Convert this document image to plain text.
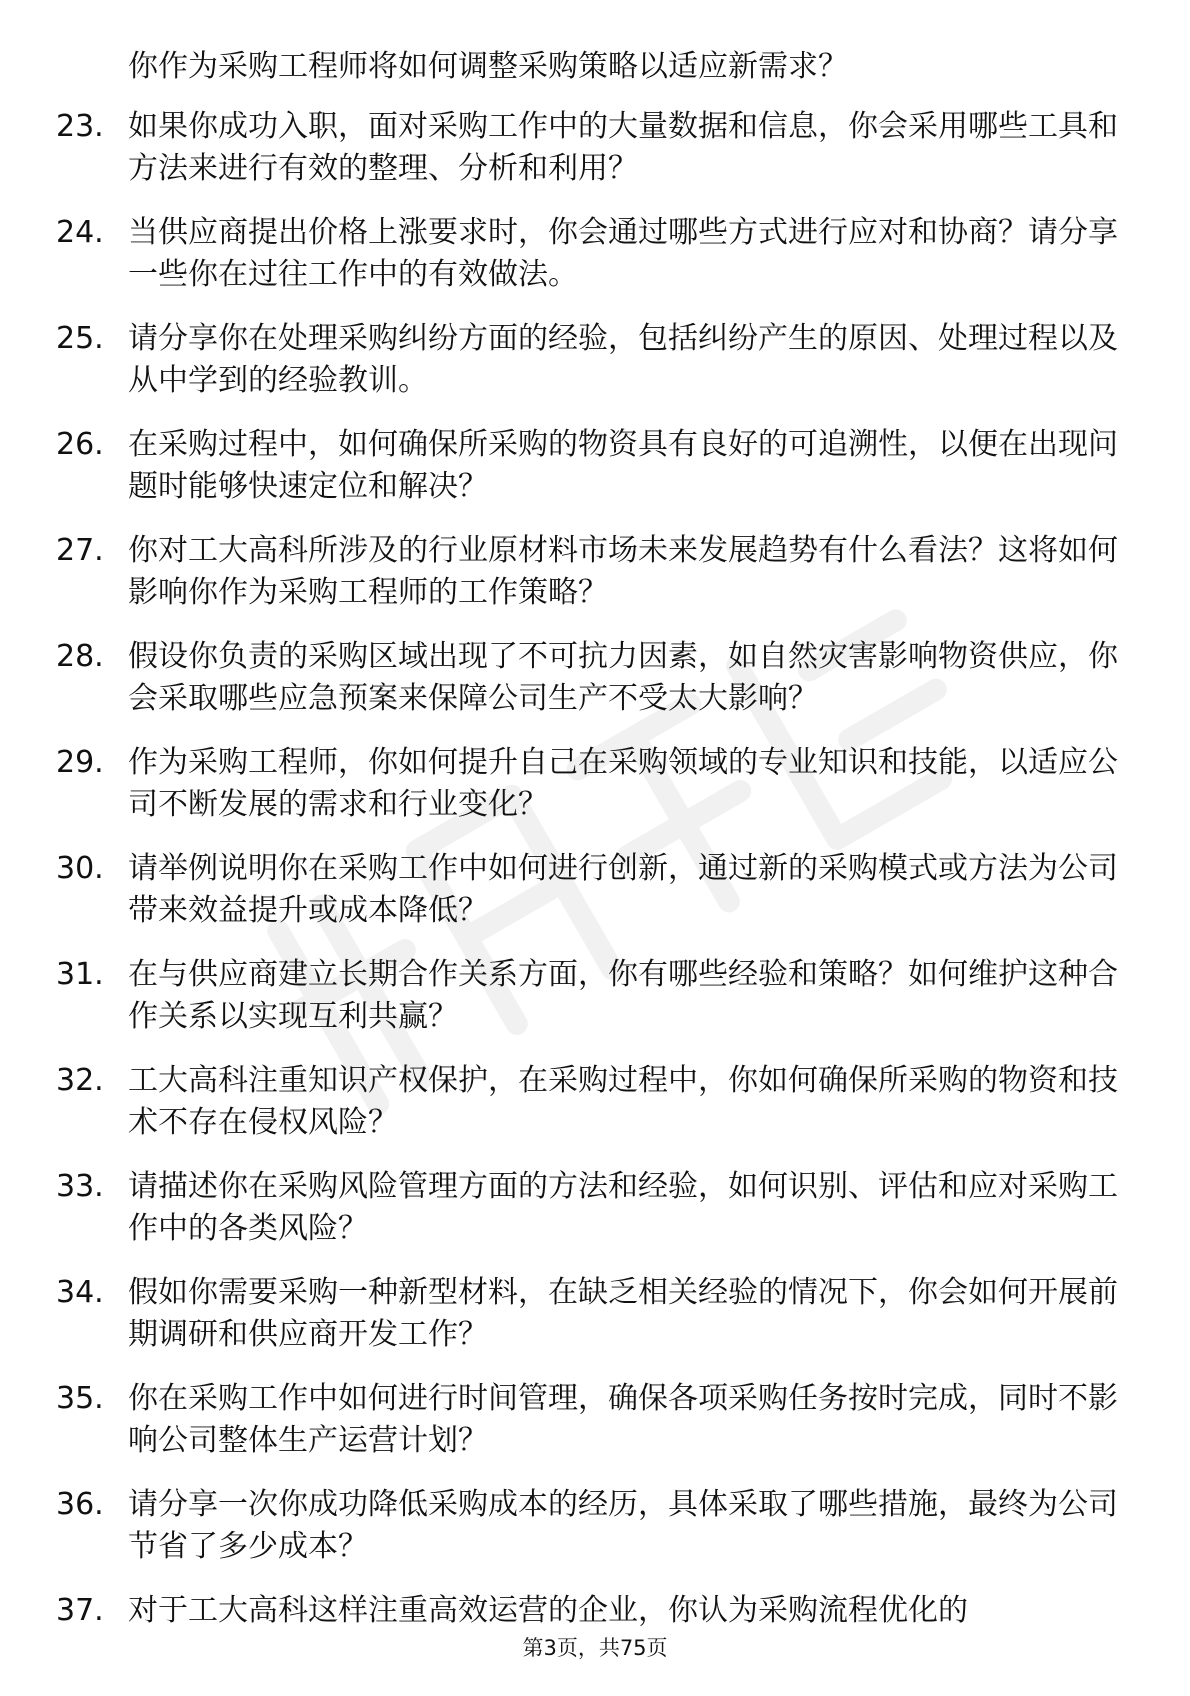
你作为采购工程师将如何调整采购策略以适应新需求？
23. 如果你成功入职，面对采购工作中的大量数据和信息，你会采用哪些工具和方法来进行有效的整理、分析和利用？
24. 当供应商提出价格上涨要求时，你会通过哪些方式进行应对和协商？请分享一些你在过往工作中的有效做法。
25. 请分享你在处理采购纠纷方面的经验，包括纠纷产生的原因、处理过程以及从中学到的经验教训。
26. 在采购过程中，如何确保所采购的物资具有良好的可追溯性，以便在出现问题时能够快速定位和解决？
27. 你对工大高科所涉及的行业原材料市场未来发展趋势有什么看法？这将如何影响你作为采购工程师的工作策略？
28. 假设你负责的采购区域出现了不可抗力因素，如自然灾害影响物资供应，你会采取哪些应急预案来保障公司生产不受太大影响？
29. 作为采购工程师，你如何提升自己在采购领域的专业知识和技能，以适应公司不断发展的需求和行业变化？
30. 请举例说明你在采购工作中如何进行创新，通过新的采购模式或方法为公司带来效益提升或成本降低？
31. 在与供应商建立长期合作关系方面，你有哪些经验和策略？如何维护这种合作关系以实现互利共赢？
32. 工大高科注重知识产权保护，在采购过程中，你如何确保所采购的物资和技术不存在侵权风险？
33. 请描述你在采购风险管理方面的方法和经验，如何识别、评估和应对采购工作中的各类风险？
34. 假如你需要采购一种新型材料，在缺乏相关经验的情况下，你会如何开展前期调研和供应商开发工作？
35. 你在采购工作中如何进行时间管理，确保各项采购任务按时完成，同时不影响公司整体生产运营计划？
36. 请分享一次你成功降低采购成本的经历，具体采取了哪些措施，最终为公司节省了多少成本？
37. 对于工大高科这样注重高效运营的企业，你认为采购流程优化的
第3页，共75页
